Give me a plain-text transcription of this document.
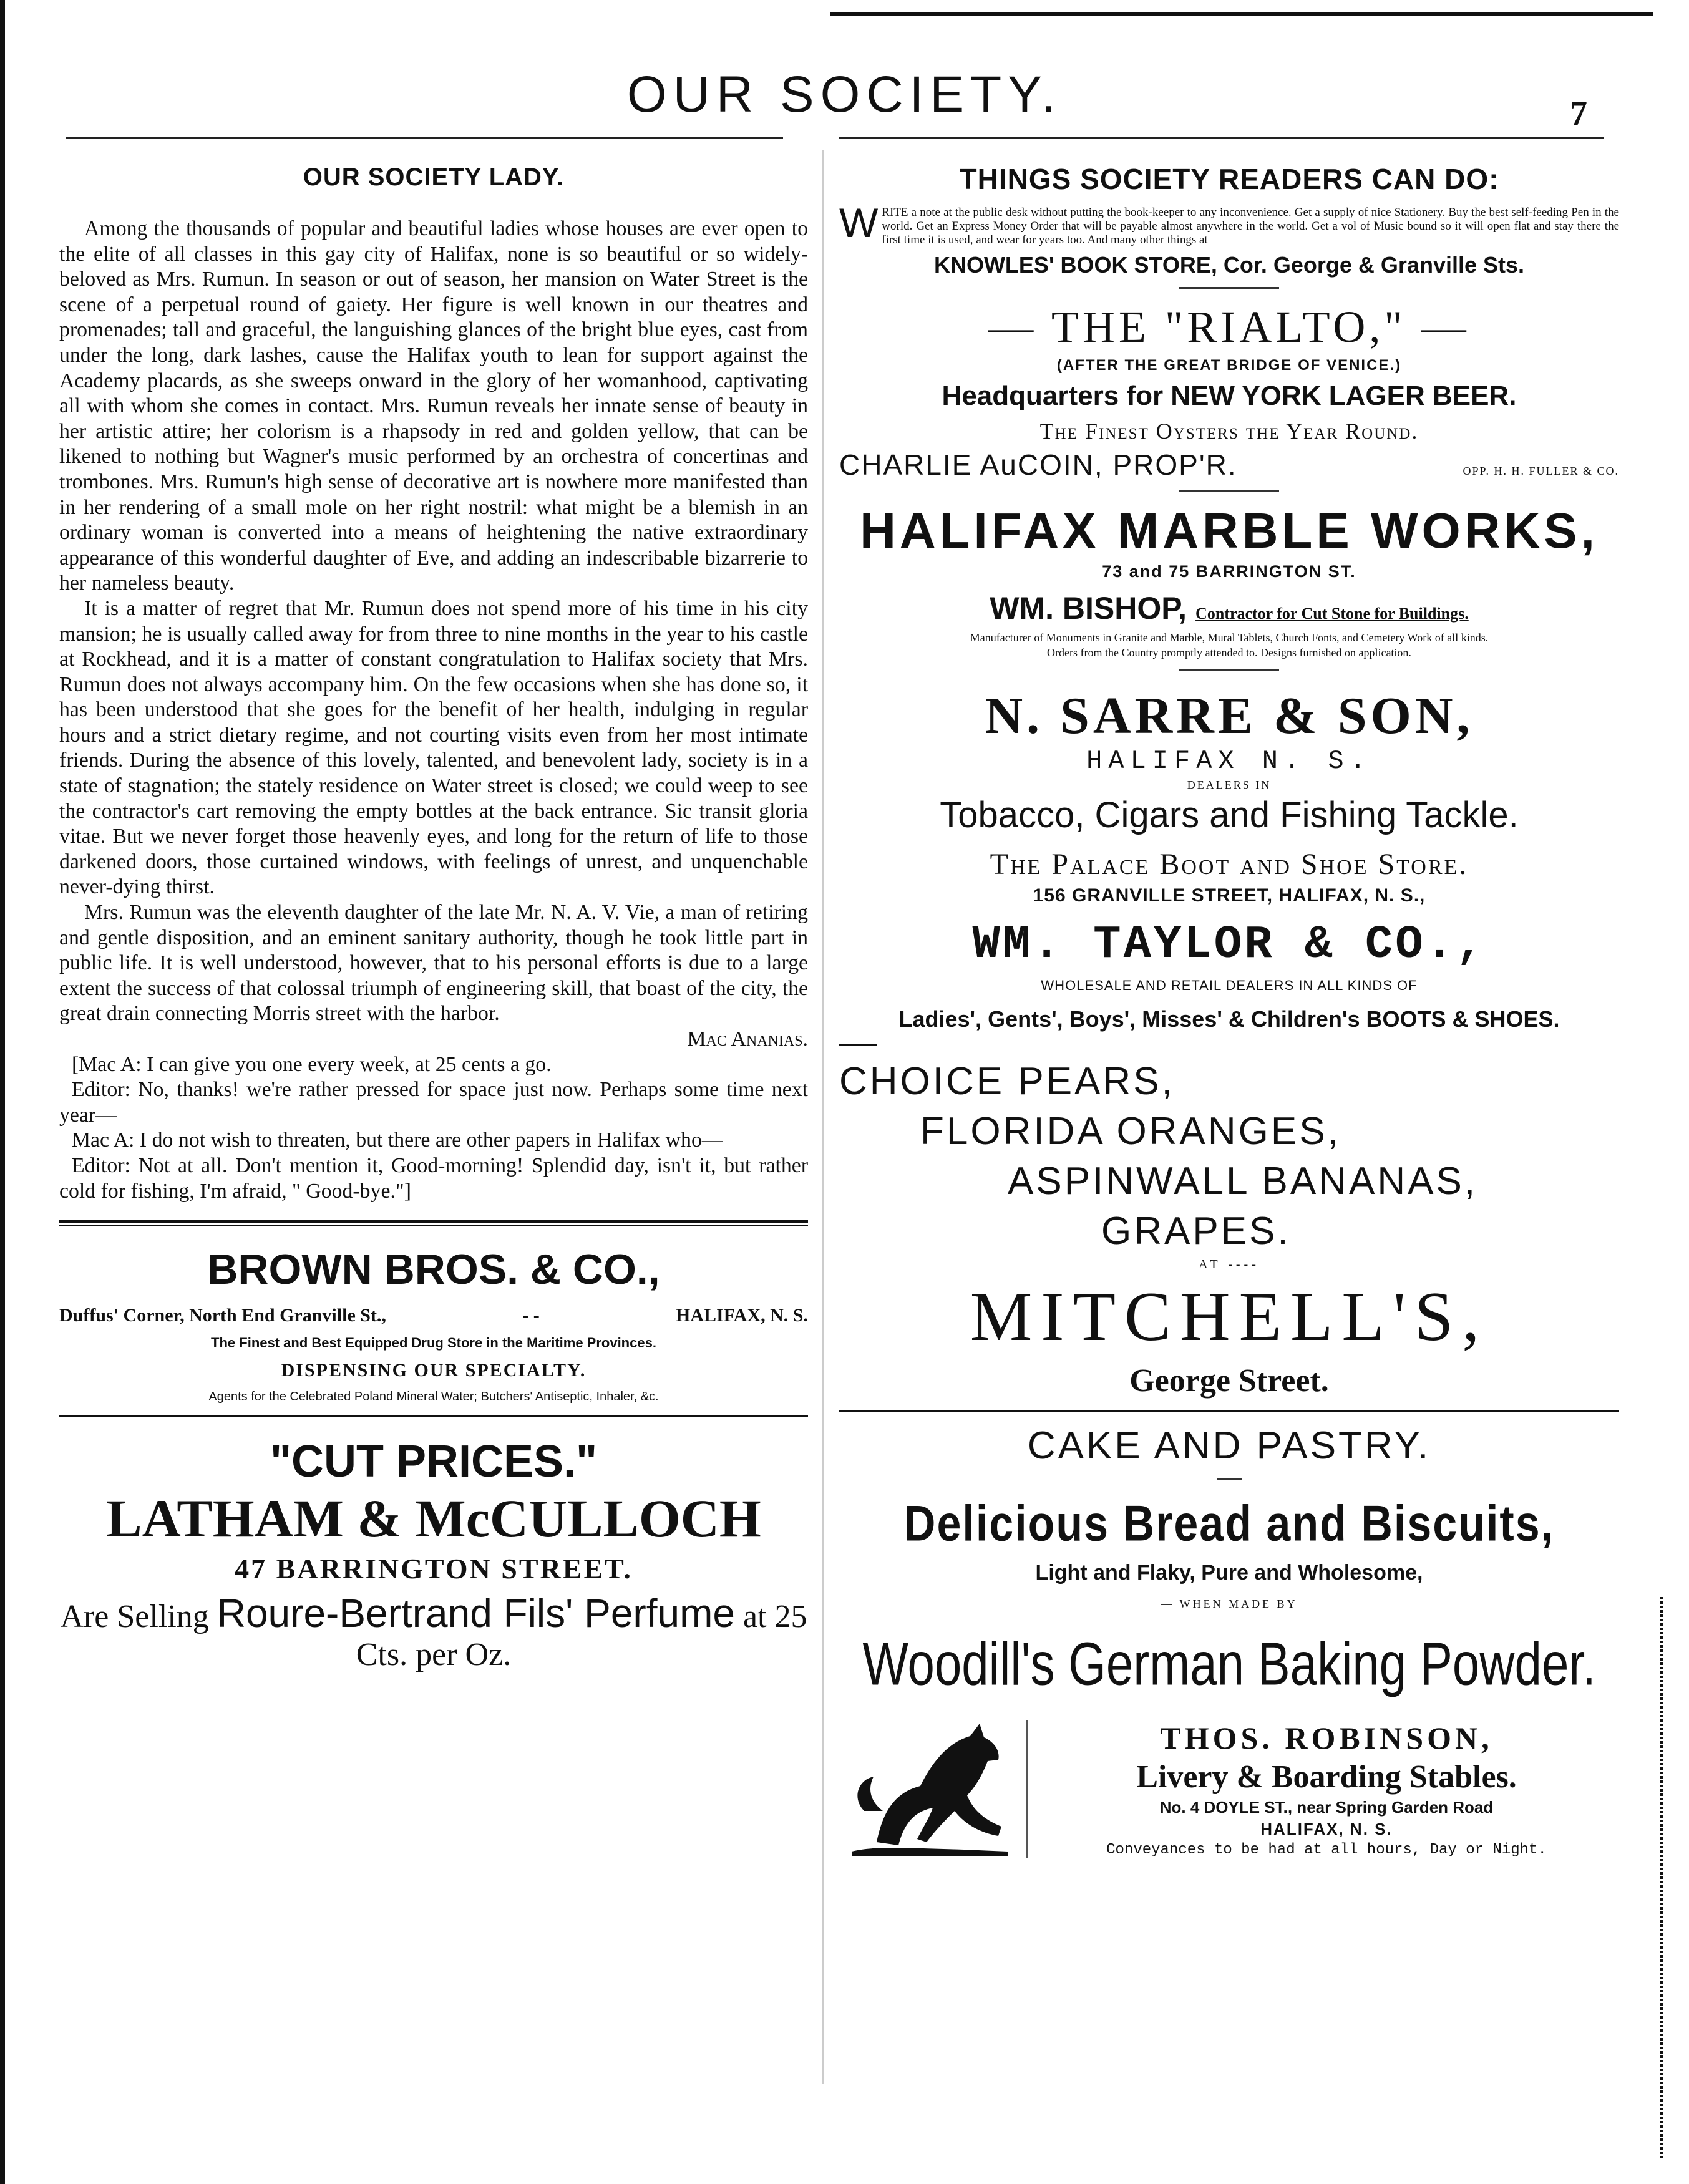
OUR SOCIETY.	7
OUR SOCIETY LADY.

Among the thousands of popular and beautiful ladies whose houses are ever open to the elite of all classes in this gay city of Halifax, none is so beautiful or so widely-beloved as Mrs. Rumun. In season or out of season, her mansion on Water Street is the scene of a perpetual round of gaiety. Her figure is well known in our theatres and promenades; tall and graceful, the languishing glances of the bright blue eyes, cast from under the long, dark lashes, cause the Halifax youth to lean for support against the Academy placards, as she sweeps onward in the glory of her womanhood, captivating all with whom she comes in contact. Mrs. Rumun reveals her innate sense of beauty in her artistic attire; her colorism is a rhapsody in red and golden yellow, that can be likened to nothing but Wagner's music performed by an orchestra of concertinas and trombones. Mrs. Rumun's high sense of decorative art is nowhere more manifested than in her rendering of a small mole on her right nostril: what might be a blemish in an ordinary woman is converted into a means of heightening the native extraordinary appearance of this wonderful daughter of Eve, and adding an indescribable bizarrerie to her nameless beauty.

It is a matter of regret that Mr. Rumun does not spend more of his time in his city mansion; he is usually called away for from three to nine months in the year to his castle at Rockhead, and it is a matter of constant congratulation to Halifax society that Mrs. Rumun does not always accompany him. On the few occasions when she has done so, it has been understood that she goes for the benefit of her health, indulging in regular hours and a strict dietary regime, and not courting visits even from her most intimate friends. During the absence of this lovely, talented, and benevolent lady, society is in a state of stagnation; the stately residence on Water street is closed; we could weep to see the contractor's cart removing the empty bottles at the back entrance. Sic transit gloria vitae. But we never forget those heavenly eyes, and long for the return of life to those darkened doors, those curtained windows, with feelings of unrest, and unquenchable never-dying thirst.

Mrs. Rumun was the eleventh daughter of the late Mr. N. A. V. Vie, a man of retiring and gentle disposition, and an eminent sanitary authority, though he took little part in public life. It is well understood, however, that to his personal efforts is due to a large extent the success of that colossal triumph of engineering skill, that boast of the city, the great drain connecting Morris street with the harbor.

Mac Ananias.

[Mac A: I can give you one every week, at 25 cents a go.

Editor: No, thanks! we're rather pressed for space just now. Perhaps some time next year—

Mac A: I do not wish to threaten, but there are other papers in Halifax who—

Editor: Not at all. Don't mention it, Good-morning! Splendid day, isn't it, but rather cold for fishing, I'm afraid, " Good-bye."]

BROWN BROS. & CO.,
Duffus' Corner, North End Granville St.,	- -	HALIFAX, N. S.
The Finest and Best Equipped Drug Store in the Maritime Provinces.
DISPENSING OUR SPECIALTY.
Agents for the Celebrated Poland Mineral Water; Butchers' Antiseptic, Inhaler, &c.
"CUT PRICES."
LATHAM & McCULLOCH
47 BARRINGTON STREET.
Are Selling Roure-Bertrand Fils' Perfume at 25 Cts. per Oz.
THINGS SOCIETY READERS CAN DO:
W RITE a note at the public desk without putting the book-keeper to any inconvenience. Get a supply of nice Stationery. Buy the best self-feeding Pen in the world. Get an Express Money Order that will be payable almost anywhere in the world. Get a vol of Music bound so it will open flat and stay there the first time it is used, and wear for years too. And many other things at
KNOWLES' BOOK STORE, Cor. George & Granville Sts.
— THE "RIALTO," —
(AFTER THE GREAT BRIDGE OF VENICE.)
Headquarters for NEW YORK LAGER BEER.
The Finest Oysters the Year Round.
CHARLIE AuCOIN, PROP'R.	OPP. H. H. FULLER & CO.
HALIFAX MARBLE WORKS,
73 and 75 BARRINGTON ST.
WM. BISHOP, Contractor for Cut Stone for Buildings.
Manufacturer of Monuments in Granite and Marble, Mural Tablets, Church Fonts, and Cemetery Work of all kinds.
Orders from the Country promptly attended to. Designs furnished on application.
N. SARRE & SON,
HALIFAX N. S.
DEALERS IN
Tobacco, Cigars and Fishing Tackle.
The Palace Boot and Shoe Store.
156 GRANVILLE STREET, HALIFAX, N. S.,
WM. TAYLOR & CO.,
WHOLESALE AND RETAIL DEALERS IN ALL KINDS OF
Ladies', Gents', Boys', Misses' & Children's BOOTS & SHOES.
CHOICE PEARS,
FLORIDA ORANGES,
ASPINWALL BANANAS,
GRAPES.
AT ----
MITCHELL'S,
George Street.
CAKE AND PASTRY.
Delicious Bread and Biscuits,
Light and Flaky, Pure and Wholesome,
— WHEN MADE BY
Woodill's German Baking Powder.
THOS. ROBINSON,
Livery & Boarding Stables.
No. 4 DOYLE ST., near Spring Garden Road
HALIFAX, N. S.
Conveyances to be had at all hours, Day or Night.
